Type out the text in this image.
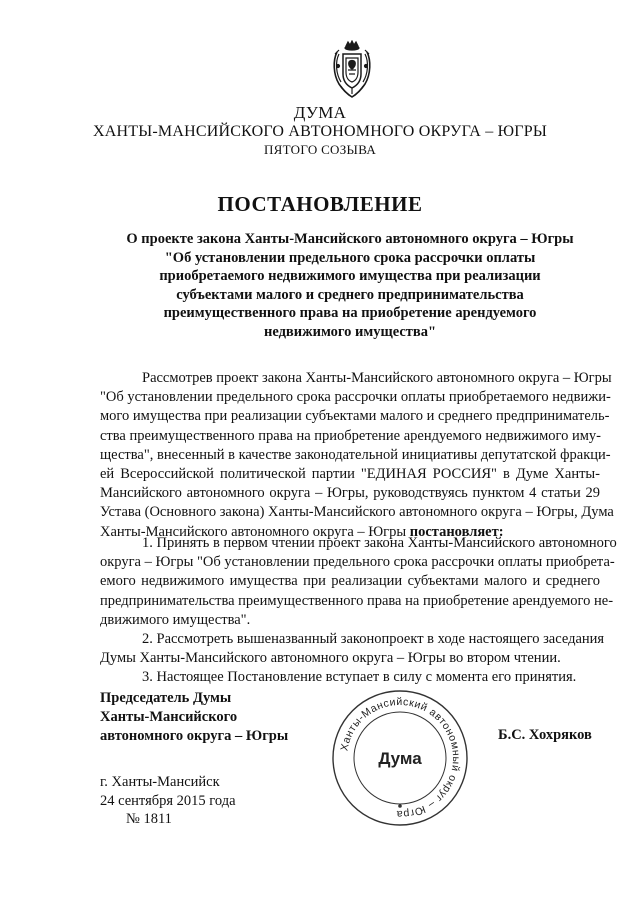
ДУМА
ХАНТЫ-МАНСИЙСКОГО АВТОНОМНОГО ОКРУГА – ЮГРЫ
ПЯТОГО СОЗЫВА
ПОСТАНОВЛЕНИЕ
О проекте закона Ханты-Мансийского автономного округа – Югры
"Об установлении предельного срока рассрочки оплаты
приобретаемого недвижимого имущества при реализации
субъектами малого и среднего предпринимательства
преимущественного права на приобретение арендуемого
недвижимого имущества"
Рассмотрев проект закона Ханты-Мансийского автономного округа – Югры
"Об установлении предельного срока рассрочки оплаты приобретаемого недвижи-
мого имущества при реализации субъектами малого и среднего предприниматель-
ства преимущественного права на приобретение арендуемого недвижимого иму-
щества", внесенный в качестве законодательной инициативы депутатской фракци-
ей Всероссийской политической партии "ЕДИНАЯ РОССИЯ" в Думе Ханты-
Мансийского автономного округа – Югры, руководствуясь пунктом 4 статьи 29
Устава (Основного закона) Ханты-Мансийского автономного округа – Югры, Дума
Ханты-Мансийского автономного округа – Югры постановляет:
1. Принять в первом чтении проект закона Ханты-Мансийского автономного
округа – Югры "Об установлении предельного срока рассрочки оплаты приобрета-
емого недвижимого имущества при реализации субъектами малого и среднего
предпринимательства преимущественного права на приобретение арендуемого не-
движимого имущества".
2. Рассмотреть вышеназванный законопроект в ходе настоящего заседания
Думы Ханты-Мансийского автономного округа – Югры во втором чтении.
3. Настоящее Постановление вступает в силу с момента его принятия.
Председатель Думы
Ханты-Мансийского
автономного округа – Югры
Ханты-Мансийский автономный округ – Югра
Дума
Б.С. Хохряков
г. Ханты-Мансийск
24 сентября 2015 года
№ 1811
